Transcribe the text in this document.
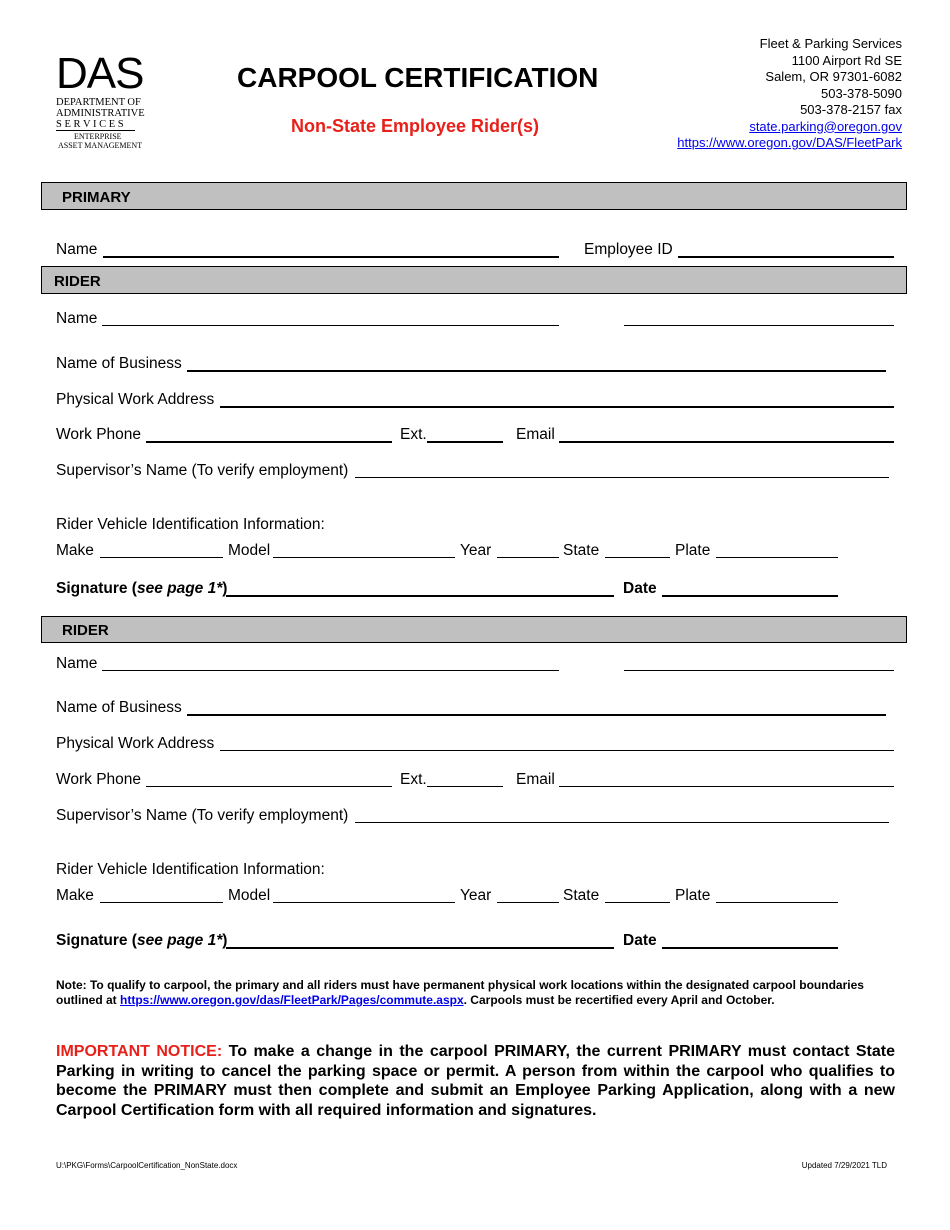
DAS
DEPARTMENT OF
ADMINISTRATIVE
S E R V I C E S
ENTERPRISE
ASSET MANAGEMENT
CARPOOL CERTIFICATION
Non-State Employee Rider(s)
Fleet & Parking Services
1100 Airport Rd SE
Salem, OR 97301-6082
503-378-5090
503-378-2157 fax
state.parking@oregon.gov
https://www.oregon.gov/DAS/FleetPark
PRIMARY
Name	Employee ID
RIDER
Name
Name of Business
Physical Work Address
Work Phone	Ext.	Email
Supervisor’s Name (To verify employment)
Rider Vehicle Identification Information:
Make	Model	Year	State	Plate
Signature (see page 1*)	Date
RIDER
Name
Name of Business
Physical Work Address
Work Phone	Ext.	Email
Supervisor’s Name (To verify employment)
Rider Vehicle Identification Information:
Make	Model	Year	State	Plate
Signature (see page 1*)	Date
Note: To qualify to carpool, the primary and all riders must have permanent physical work locations within the designated carpool boundaries outlined at https://www.oregon.gov/das/FleetPark/Pages/commute.aspx. Carpools must be recertified every April and October.
IMPORTANT NOTICE: To make a change in the carpool PRIMARY, the current PRIMARY must contact State Parking in writing to cancel the parking space or permit. A person from within the carpool who qualifies to become the PRIMARY must then complete and submit an Employee Parking Application, along with a new Carpool Certification form with all required information and signatures.
U:\PKG\Forms\CarpoolCertification_NonState.docx	Updated 7/29/2021 TLD
